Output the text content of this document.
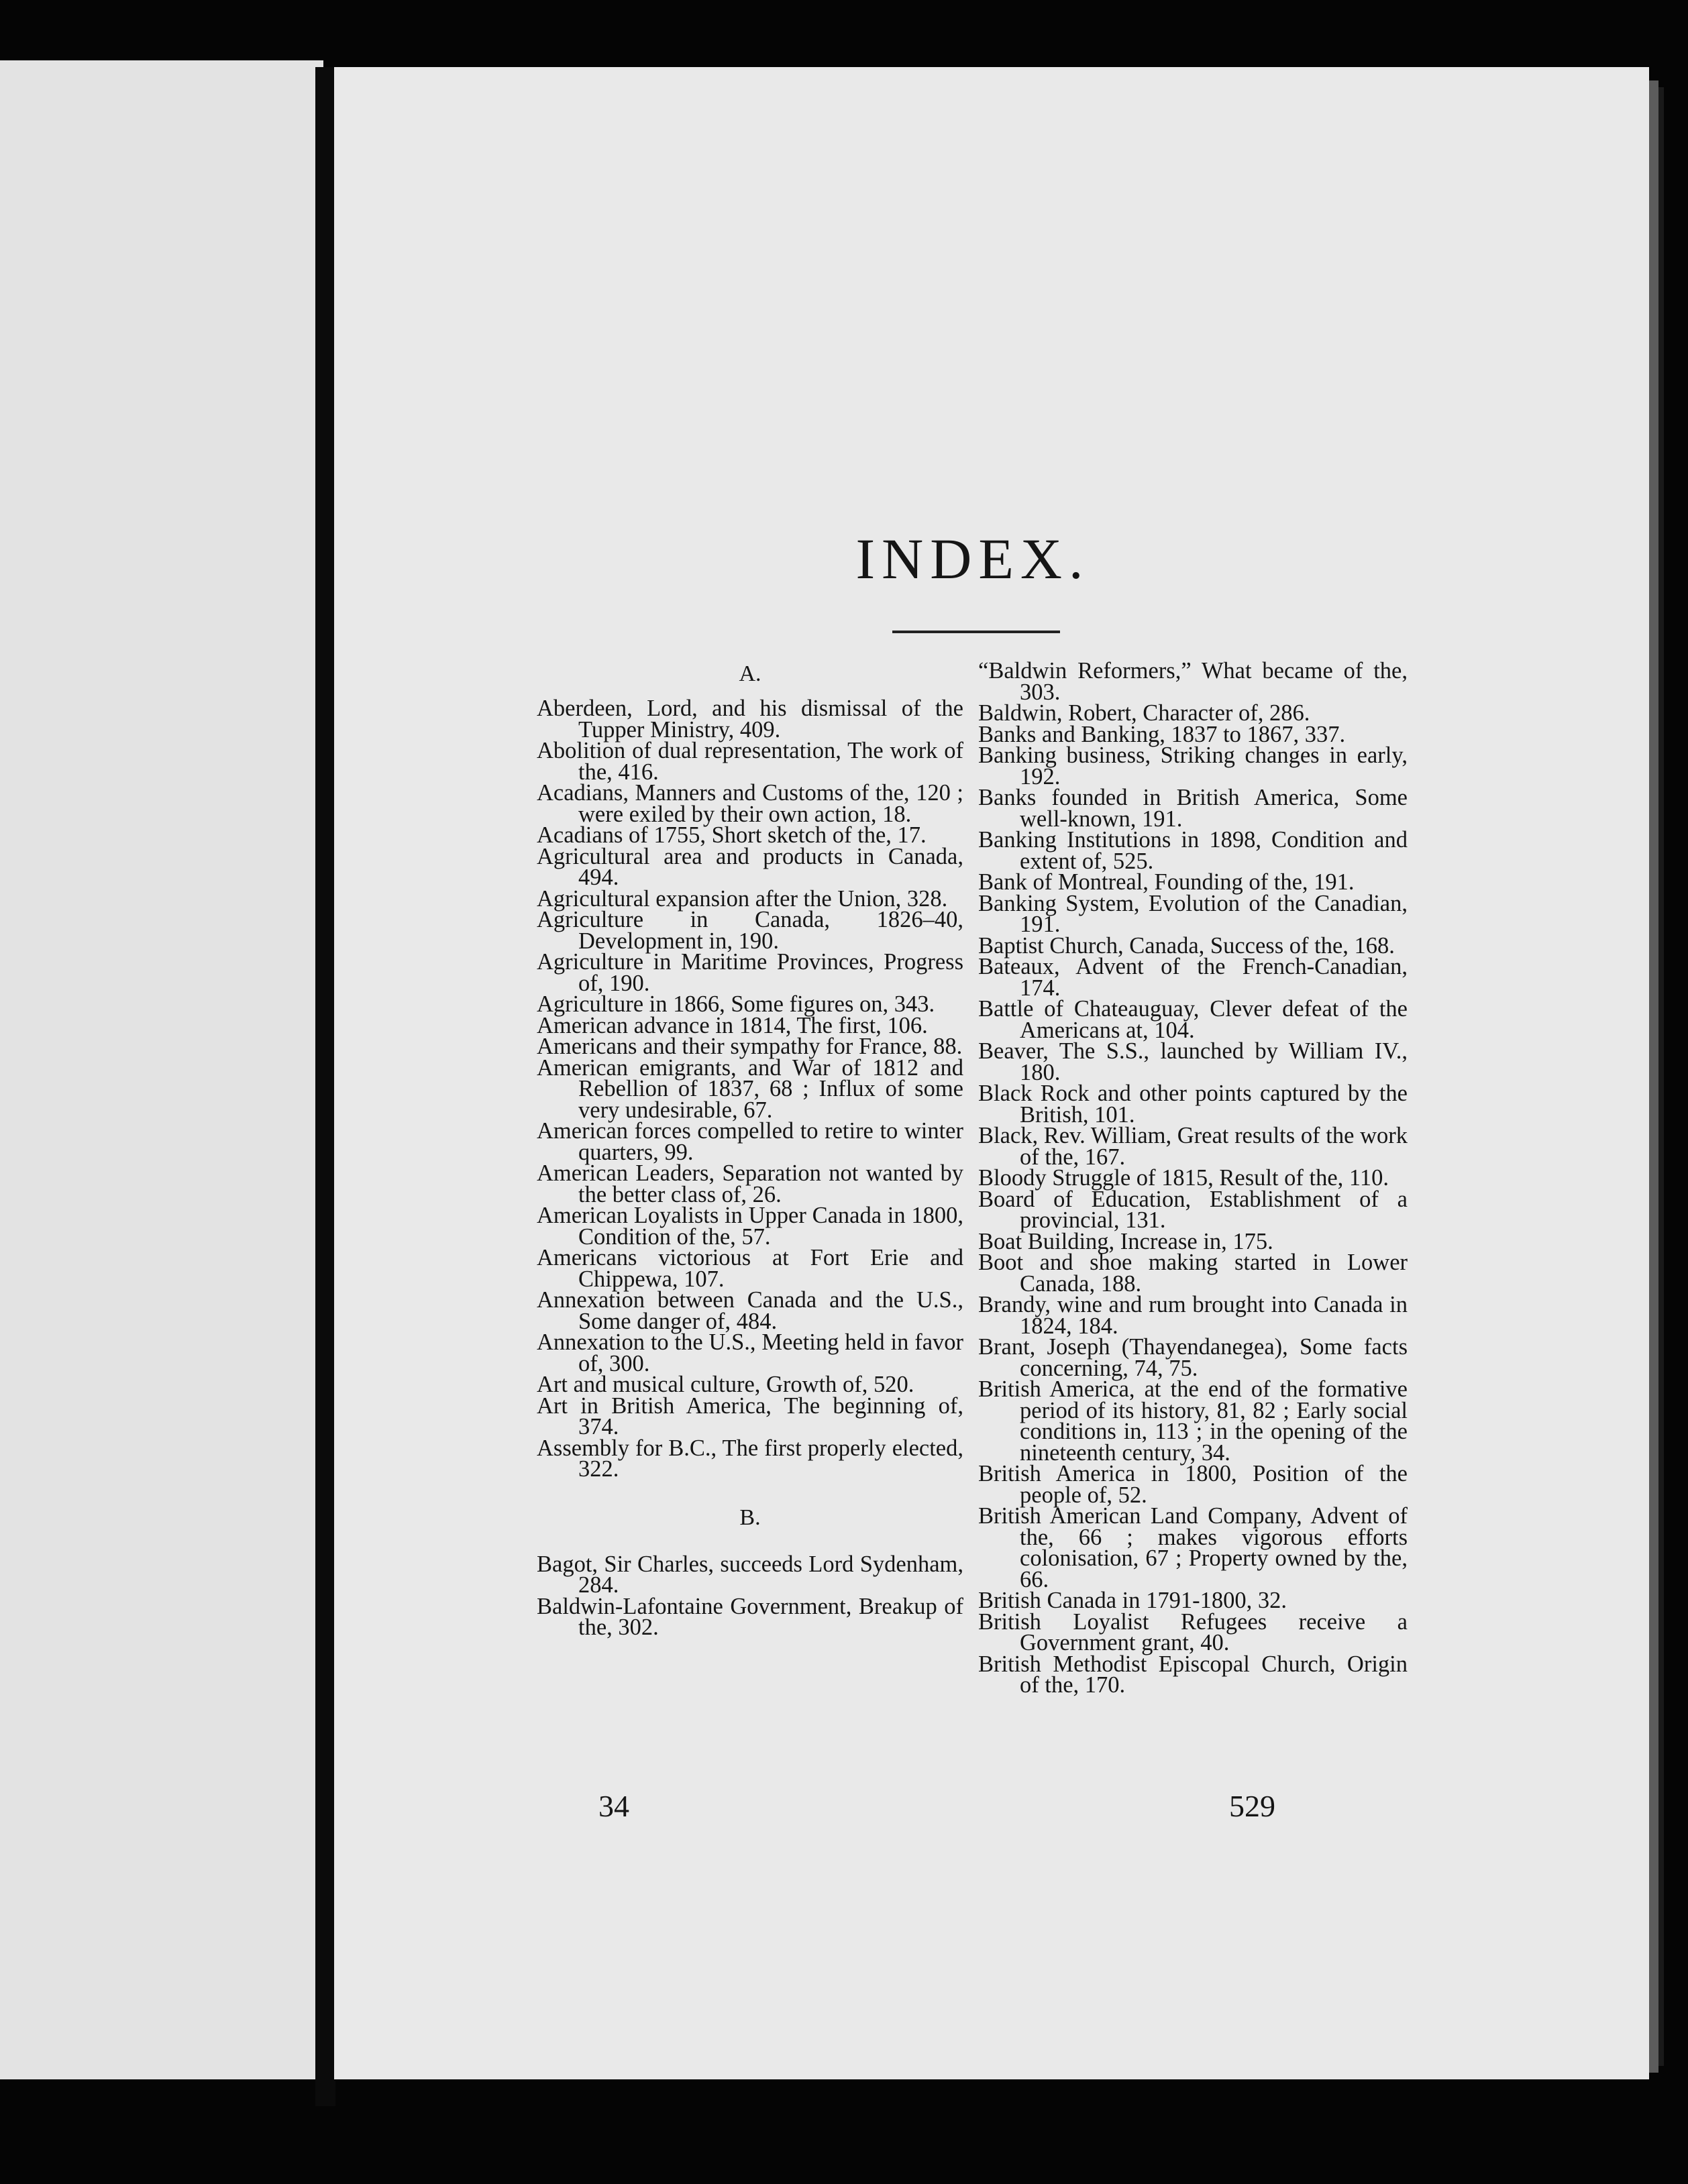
INDEX.
A.

Aberdeen, Lord, and his dismissal of the Tupper Ministry, 409.

Abolition of dual representation, The work of the, 416.

Acadians, Manners and Customs of the, 120 ; were exiled by their own action, 18.

Acadians of 1755, Short sketch of the, 17.

Agricultural area and products in Canada, 494.

Agricultural expansion after the Union, 328.

Agriculture in Canada, 1826–40, Development in, 190.

Agriculture in Maritime Provinces, Progress of, 190.

Agriculture in 1866, Some figures on, 343.

American advance in 1814, The first, 106.

Americans and their sympathy for France, 88.

American emigrants, and War of 1812 and Rebellion of 1837, 68 ; Influx of some very undesirable, 67.

American forces compelled to retire to winter quarters, 99.

American Leaders, Separation not wanted by the better class of, 26.

American Loyalists in Upper Canada in 1800, Condition of the, 57.

Americans victorious at Fort Erie and Chippewa, 107.

Annexation between Canada and the U.S., Some danger of, 484.

Annexation to the U.S., Meeting held in favor of, 300.

Art and musical culture, Growth of, 520.

Art in British America, The beginning of, 374.

Assembly for B.C., The first properly elected, 322.

B.

Bagot, Sir Charles, succeeds Lord Sydenham, 284.

Baldwin-Lafontaine Government, Breakup of the, 302.

“Baldwin Reformers,” What became of the, 303.

Baldwin, Robert, Character of, 286.

Banks and Banking, 1837 to 1867, 337.

Banking business, Striking changes in early, 192.

Banks founded in British America, Some well-known, 191.

Banking Institutions in 1898, Condition and extent of, 525.

Bank of Montreal, Founding of the, 191.

Banking System, Evolution of the Canadian, 191.

Baptist Church, Canada, Success of the, 168.

Bateaux, Advent of the French-Canadian, 174.

Battle of Chateauguay, Clever defeat of the Americans at, 104.

Beaver, The S.S., launched by William IV., 180.

Black Rock and other points captured by the British, 101.

Black, Rev. William, Great results of the work of the, 167.

Bloody Struggle of 1815, Result of the, 110.

Board of Education, Establishment of a provincial, 131.

Boat Building, Increase in, 175.

Boot and shoe making started in Lower Canada, 188.

Brandy, wine and rum brought into Canada in 1824, 184.

Brant, Joseph (Thayendanegea), Some facts concerning, 74, 75.

British America, at the end of the formative period of its history, 81, 82 ; Early social conditions in, 113 ; in the opening of the nineteenth century, 34.

British America in 1800, Position of the people of, 52.

British American Land Company, Advent of the, 66 ; makes vigorous efforts colonisation, 67 ; Property owned by the, 66.

British Canada in 1791-1800, 32.

British Loyalist Refugees receive a Government grant, 40.

British Methodist Episcopal Church, Origin of the, 170.

34	529
